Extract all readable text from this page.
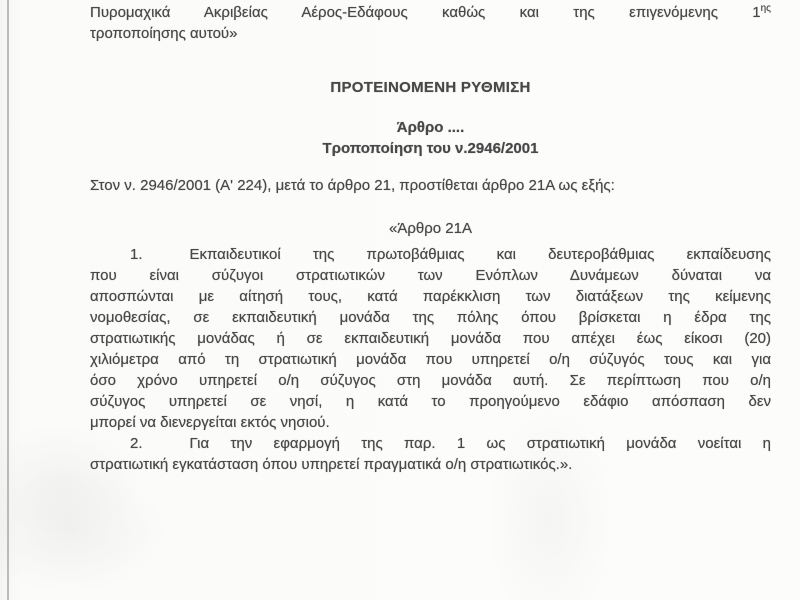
Πυρομαχικά Ακριβείας Αέρος-Εδάφους καθώς και της επιγενόμενης $1^{\eta\varsigma}$
τροποποίησης αυτού»
ΠΡΟΤΕΙΝΟΜΕΝΗ ΡΥΘΜΙΣΗ
Άρθρο ....
Τροποποίηση του ν.2946/2001
Στον ν. 2946/2001 (Α' 224), μετά το άρθρο 21, προστίθεται άρθρο 21Α ως εξής:
«Άρθρο 21Α
1.	Εκπαιδευτικοί της πρωτοβάθμιας και δευτεροβάθμιας εκπαίδευσης
που είναι σύζυγοι στρατιωτικών των Ενόπλων Δυνάμεων δύναται να
αποσπώνται με αίτησή τους, κατά παρέκκλιση των διατάξεων της κείμενης
νομοθεσίας, σε εκπαιδευτική μονάδα της πόλης όπου βρίσκεται η έδρα της
στρατιωτικής μονάδας ή σε εκπαιδευτική μονάδα που απέχει έως είκοσι (20)
χιλιόμετρα από τη στρατιωτική μονάδα που υπηρετεί ο/η σύζυγός τους και για
όσο χρόνο υπηρετεί ο/η σύζυγος στη μονάδα αυτή. Σε περίπτωση που ο/η
σύζυγος υπηρετεί σε νησί, η κατά το προηγούμενο εδάφιο απόσπαση δεν
μπορεί να διενεργείται εκτός νησιού.
2.	Για την εφαρμογή της παρ. 1 ως στρατιωτική μονάδα νοείται η
στρατιωτική εγκατάσταση όπου υπηρετεί πραγματικά ο/η στρατιωτικός.».
